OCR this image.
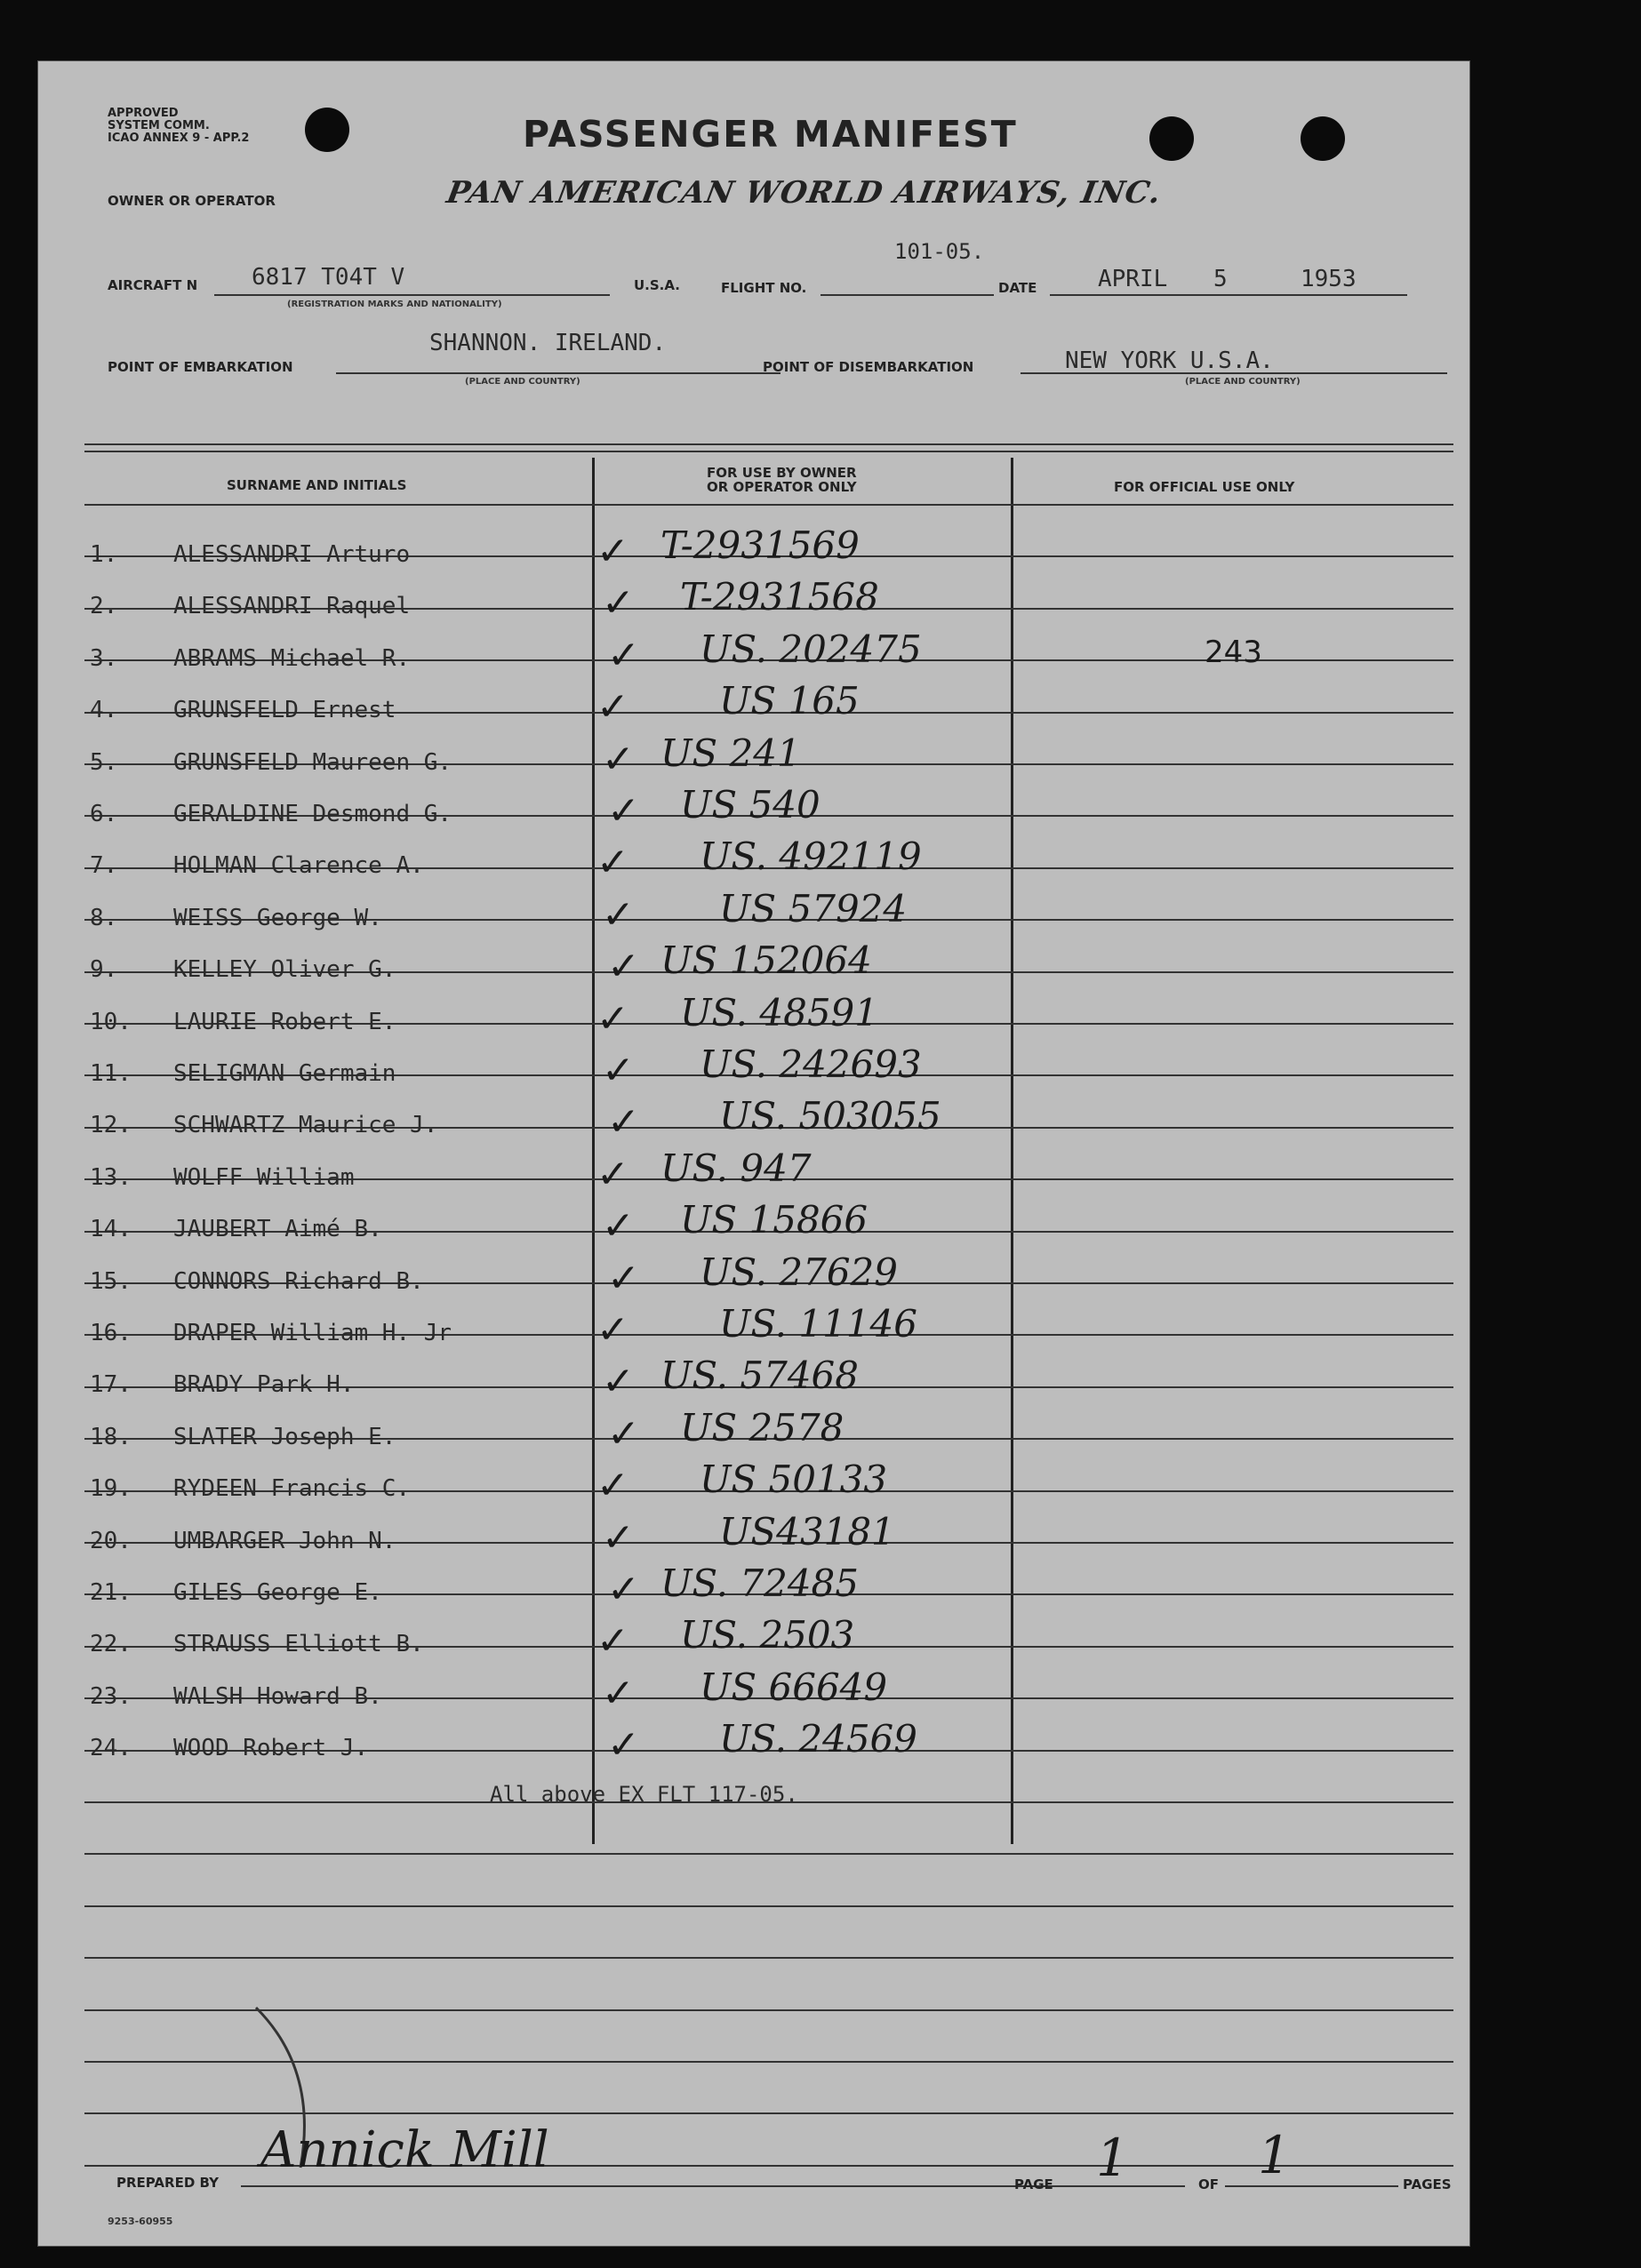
APPROVED
SYSTEM COMM.
ICAO ANNEX 9 - APP.2	PASSENGER MANIFEST
OWNER OR OPERATOR	PAN AMERICAN WORLD AIRWAYS, INC.
AIRCRAFT N 6817 T04T V
(REGISTRATION MARKS AND NATIONALITY)
U.S.A.	FLIGHT NO.
101-05.
DATE	APRIL 5	1953
POINT OF EMBARKATION
SHANNON. IRELAND.
(PLACE AND COUNTRY)
POINT OF DISEMBARKATION	NEW YORK U.S.A.
(PLACE AND COUNTRY)
SURNAME AND INITIALS
FOR USE BY OWNER
OR OPERATOR ONLY	FOR OFFICIAL USE ONLY
1.	ALESSANDRI Arturo	✓ T-2931569
2.	ALESSANDRI Raquel	✓ T-2931568
3.	ABRAMS Michael R.	✓ US. 202475	243
4.	GRUNSFELD Ernest	✓ US 165
5.	GRUNSFELD Maureen G.	✓ US 241
6.	GERALDINE Desmond G.	✓ US 540
7.	HOLMAN Clarence A.	✓ US. 492119
8.	WEISS George W.	✓ US 57924
9.	KELLEY Oliver G.	✓ US 152064
10.	LAURIE Robert E.	✓ US. 48591
11.	SELIGMAN Germain	✓ US. 242693
12.	SCHWARTZ Maurice J.	✓ US. 503055
13.	WOLFF William	✓ US. 947
14.	JAUBERT Aimé B.	✓ US 15866
15.	CONNORS Richard B.	✓ US. 27629
16.	DRAPER William H. Jr	✓ US. 11146
17.	BRADY Park H.	✓ US. 57468
18.	SLATER Joseph E.	✓ US 2578
19.	RYDEEN Francis C.	✓ US 50133
20.	UMBARGER John N.	✓ US43181
21.	GILES George E.	✓ US. 72485
22.	STRAUSS Elliott B.	✓ US. 2503
23.	WALSH Howard B.	✓ US 66649
24.	WOOD Robert J.	✓ US. 24569
All above EX FLT 117-05.
PREPARED BY
Annick Mill
PAGE 1	OF 1	PAGES
9253-60955
